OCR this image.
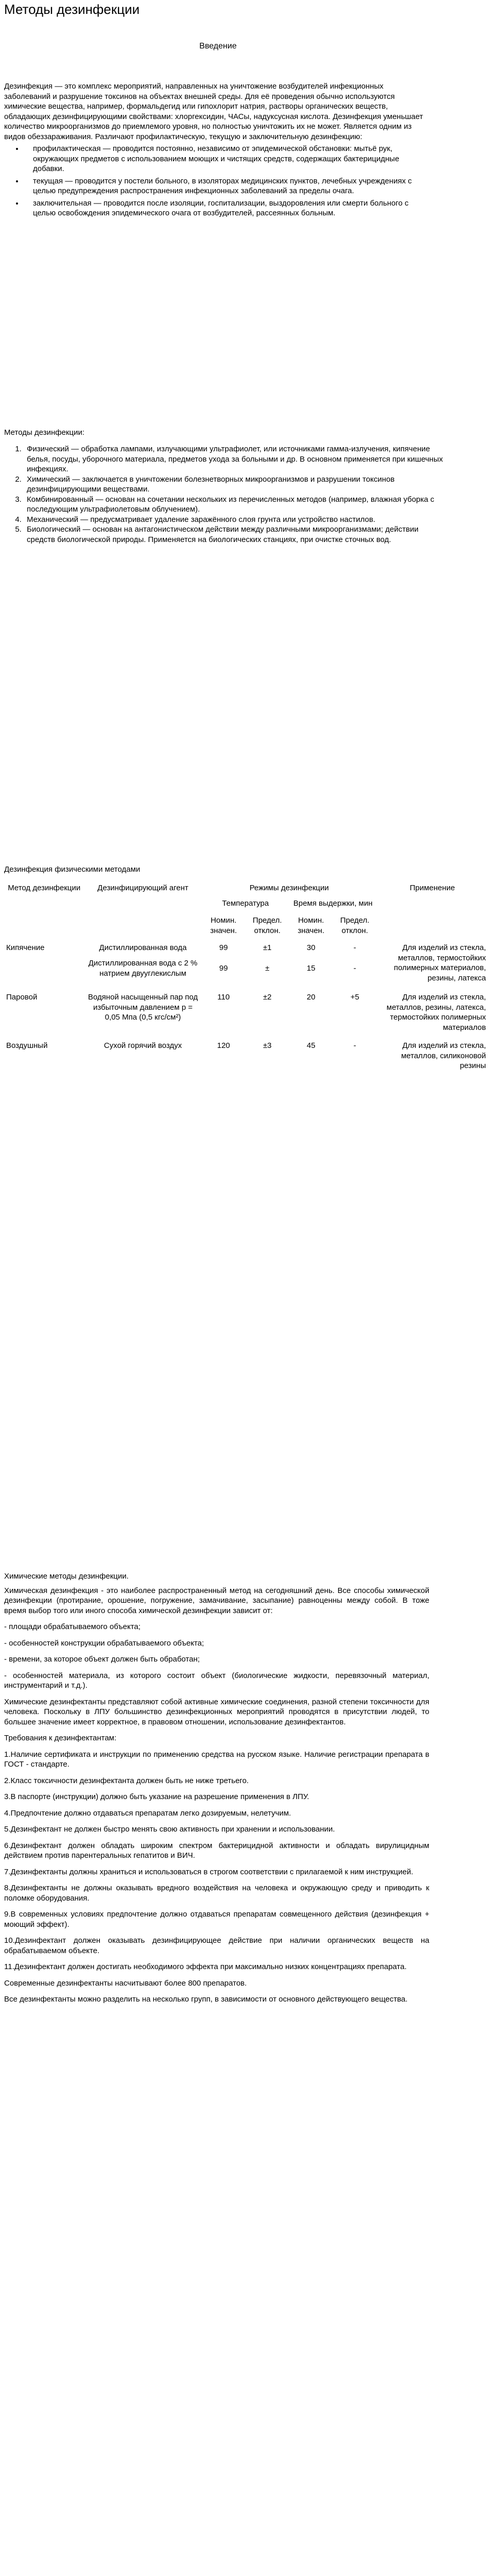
Методы дезинфекции
Введение

Дезинфекция — это комплекс мероприятий, направленных на уничтожение возбудителей инфекционных заболеваний и разрушение токсинов на объектах внешней среды. Для её проведения обычно используются химические вещества, например, формальдегид или гипохлорит натрия, растворы органических веществ, обладающих дезинфицирующими свойствами: хлоргексидин, ЧАСы, надуксусная кислота. Дезинфекция уменьшает количество микроорганизмов до приемлемого уровня, но полностью уничтожить их не может. Является одним из видов обеззараживания. Различают профилактическую, текущую и заключительную дезинфекцию:

• профилактическая — проводится постоянно, независимо от эпидемической обстановки: мытьё рук, окружающих предметов с использованием моющих и чистящих средств, содержащих бактерицидные добавки.
• текущая — проводится у постели больного, в изоляторах медицинских пунктов, лечебных учреждениях с целью предупреждения распространения инфекционных заболеваний за пределы очага.
• заключительная — проводится после изоляции, госпитализации, выздоровления или смерти больного с целью освобождения эпидемического очага от возбудителей, рассеянных больным.
Методы дезинфекции:
1. Физический — обработка лампами, излучающими ультрафиолет, или источниками гамма-излучения, кипячение белья, посуды, уборочного материала, предметов ухода за больными и др. В основном применяется при кишечных инфекциях.
2. Химический — заключается в уничтожении болезнетворных микроорганизмов и разрушении токсинов дезинфицирующими веществами.
3. Комбинированный — основан на сочетании нескольких из перечисленных методов (например, влажная уборка с последующим ультрафиолетовым облучением).
4. Механический — предусматривает удаление заражённого слоя грунта или устройство настилов.
5. Биологический — основан на антагонистическом действии между различными микроорганизмами; действии средств биологической природы. Применяется на биологических станциях, при очистке сточных вод.
Дезинфекция физическими методами
Метод дезинфекции	Дезинфицирующий агент	Режимы дезинфекции				Применение
		Температура		Время выдержки, мин		
		Номин. значен.	Предел. отклон.	Номин. значен.	Предел. отклон.	
Кипячение	Дистиллированная вода	99	±1	30	-	Для изделий из стекла, металлов, термостойких полимерных материалов, резины, латекса
	Дистиллированная вода с 2 % натрием двууглекислым	99	±	15	-	
Паровой	Водяной насыщенный пар под избыточным давлением р = 0,05 Мпа (0,5 кгс/см²)	110	±2	20	+5	Для изделий из стекла, металлов, резины, латекса, термостойких полимерных материалов
Воздушный	Сухой горячий воздух	120	±3	45	-	Для изделий из стекла, металлов, силиконовой резины

Химические методы дезинфекции.

Химическая дезинфекция - это наиболее распространенный метод на сегодняшний день. Все способы химической дезинфекции (протирание, орошение, погружение, замачивание, засыпание) равноценны между собой. В тоже время выбор того или иного способа химической дезинфекции зависит от:

- площади обрабатываемого объекта;

- особенностей конструкции обрабатываемого объекта;

- времени, за которое объект должен быть обработан;

- особенностей материала, из которого состоит объект (биологические жидкости, перевязочный материал, инструментарий и т.д.).

Химические дезинфектанты представляют собой активные химические соединения, разной степени токсичности для человека. Поскольку в ЛПУ большинство дезинфекционных мероприятий проводятся в присутствии людей, то большее значение имеет корректное, в правовом отношении, использование дезинфектантов.

Требования к дезинфектантам:

1.Наличие сертификата и инструкции по применению средства на русском языке. Наличие регистрации препарата в ГОСТ - стандарте.

2.Класс токсичности дезинфектанта должен быть не ниже третьего.

3.В паспорте (инструкции) должно быть указание на разрешение применения в ЛПУ.

4.Предпочтение должно отдаваться препаратам легко дозируемым, нелетучим.

5.Дезинфектант не должен быстро менять свою активность при хранении и использовании.

6.Дезинфектант должен обладать широким спектром бактерицидной активности и обладать вирулицидным действием против парентеральных гепатитов и ВИЧ.

7.Дезинфектанты должны храниться и использоваться в строгом соответствии с прилагаемой к ним инструкцией.

8.Дезинфектанты не должны оказывать вредного воздействия на человека и окружающую среду и приводить к поломке оборудования.

9.В современных условиях предпочтение должно отдаваться препаратам совмещенного действия (дезинфекция + моющий эффект).

10.Дезинфектант должен оказывать дезинфицирующее действие при наличии органических веществ на обрабатываемом объекте.

11.Дезинфектант должен достигать необходимого эффекта при максимально низких концентрациях препарата.

Современные дезинфектанты насчитывают более 800 препаратов.

Все дезинфектанты можно разделить на несколько групп, в зависимости от основного действующего вещества.
